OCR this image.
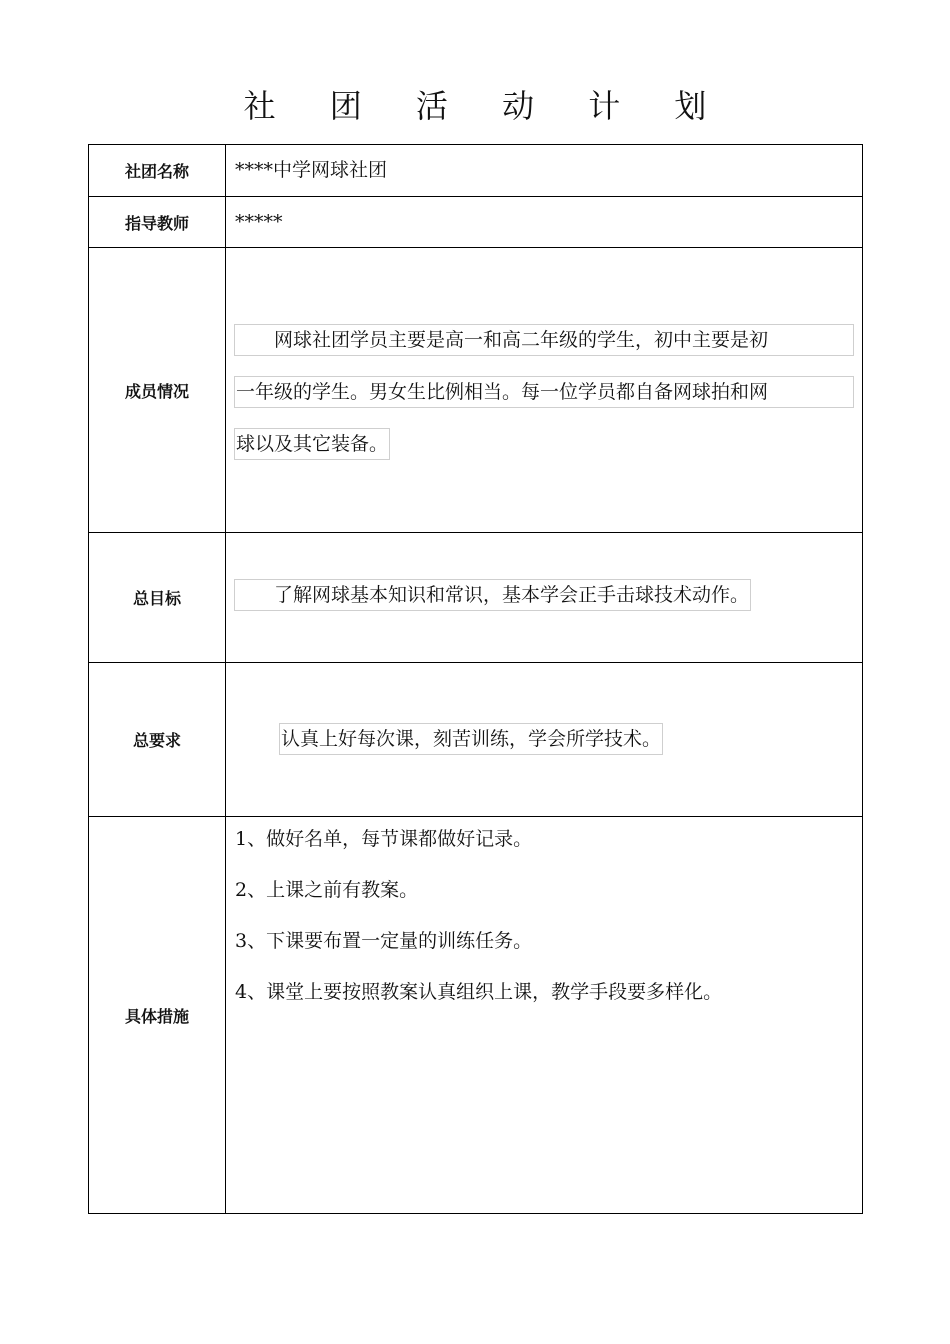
社 团 活 动 计 划
社团名称	****中学网球社团

指导教师	*****

成员情况	　　网球社团学员主要是高一和高二年级的学生，初中主要是初
一年级的学生。男女生比例相当。每一位学员都自备网球拍和网
球以及其它装备。

总目标	　　了解网球基本知识和常识，基本学会正手击球技术动作。

总要求	认真上好每次课，刻苦训练，学会所学技术。

具体措施	1、做好名单，每节课都做好记录。
2、上课之前有教案。
3、下课要布置一定量的训练任务。
4、课堂上要按照教案认真组织上课，教学手段要多样化。
